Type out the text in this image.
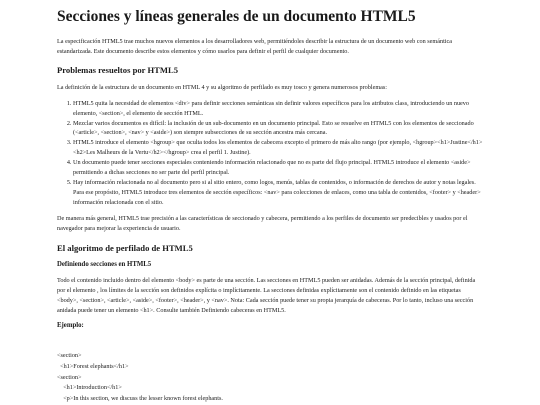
Secciones y líneas generales de un documento HTML5

La especificación HTML5 trae muchos nuevos elementos a los desarrolladores web, permitiéndoles describir la estructura de un documento web con semántica estandarizada. Este documento describe estos elementos y cómo usarlos para definir el perfil de cualquier documento.

Problemas resueltos por HTML5

La definición de la estructura de un documento en HTML 4 y su algoritmo de perfilado es muy tosco y genera numerosos problemas:

1. HTML5 quita la necesidad de elementos <div> para definir secciones semánticas sin definir valores específicos para los atributos class, introduciendo un nuevo elemento, <section>, el elemento de sección HTML.
2. Mezclar varios documentos es difícil: la inclusión de un sub-documento en un documento principal. Esto se resuelve en HTML5 con los elementos de seccionado (<article>, <section>, <nav> y <aside>) son siempre subsecciones de su sección ancestra más cercana.
3. HTML5 introduce el elemento <hgroup> que oculta todos los elementos de cabecera excepto el primero de más alto rango (por ejemplo, <hgroup><h1>Justine</h1><h2>Les Malheurs de la Vertu</h2></hgroup> crea el perfil 1. Justine).
4. Un documento puede tener secciones especiales conteniendo información relacionado que no es parte del flujo principal. HTML5 introduce el elemento <aside> permitiendo a dichas secciones no ser parte del perfil principal.
5. Hay información relacionada no al documento pero si al sitio entero, como logos, menús, tablas de contenidos, o información de derechos de autor y notas legales. Para ese propósito, HTML5 introduce tres elementos de sección específicos: <nav> para colecciones de enlaces, como una tabla de contenidos, <footer> y <header> información relacionada con el sitio.

De manera más general, HTML5 trae precisión a las características de seccionado y cabecera, permitiendo a los perfiles de documento ser predecibles y usados por el navegador para mejorar la experiencia de usuario.

El algoritmo de perfilado de HTML5
Definiendo secciones en HTML5

Todo el contenido incluido dentro del elemento <body> es parte de una sección. Las secciones en HTML5 pueden ser anidadas. Además de la sección principal, definida por el elemento , los límites de la sección son definidos explícita o implícitamente. La secciones definidas explícitamente son el contenido definido en las etiquetas <body>, <section>, <article>, <aside>, <footer>, <header>, y <nav>. Nota: Cada sección puede tener su propia jerarquía de cabeceras. Por lo tanto, incluso una sección anidada puede tener un elemento <h1>. Consulte también Definiendo cabeceras en HTML5.

Ejemplo:
<section>
<h1>Forest elephants</h1>
<section>
<h1>Introduction</h1>
<p>In this section, we discuss the lesser known forest elephants.
